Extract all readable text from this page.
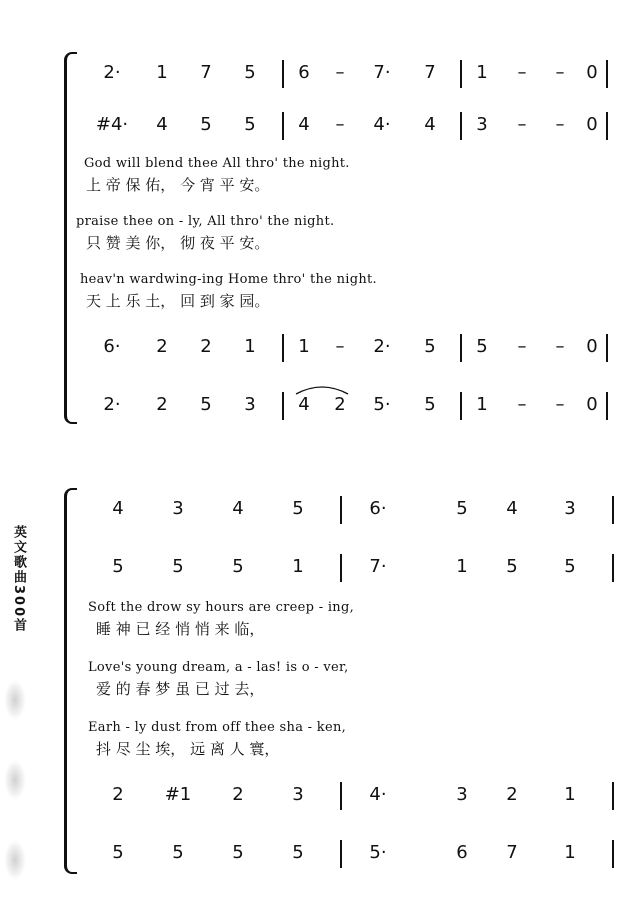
英文歌曲300首
2· 1 7 5 6 – 7· 7 1 – – 0
#4· 4 5 5 4 – 4· 4 3 – – 0
God will blend thee All thro' the night.
上 帝 保 佑， 今 宵 平 安。
praise thee on - ly, All thro' the night.
只 赞 美 你， 彻 夜 平 安。
heav'n wardwing-ing Home thro' the night.
天 上 乐 土， 回 到 家 园。
6· 2 2 1 1 – 2· 5 5 – – 0
2· 2 5 3 4 2 5· 5 1 – – 0
4	3	4	5	6·	5 4	3
5	5	5	1	7·	1 5	5
Soft the drow sy hours are creep - ing,
睡 神 已 经 悄 悄 来 临，
Love's young dream, a - las! is o - ver,
爱 的 春 梦 虽 已 过 去，
Earh - ly dust from off thee sha - ken,
抖 尽 尘 埃， 远 离 人 寰，
2 #1 2	3	4·	3 2	1
5	5	5	5	5·	6 7	1
